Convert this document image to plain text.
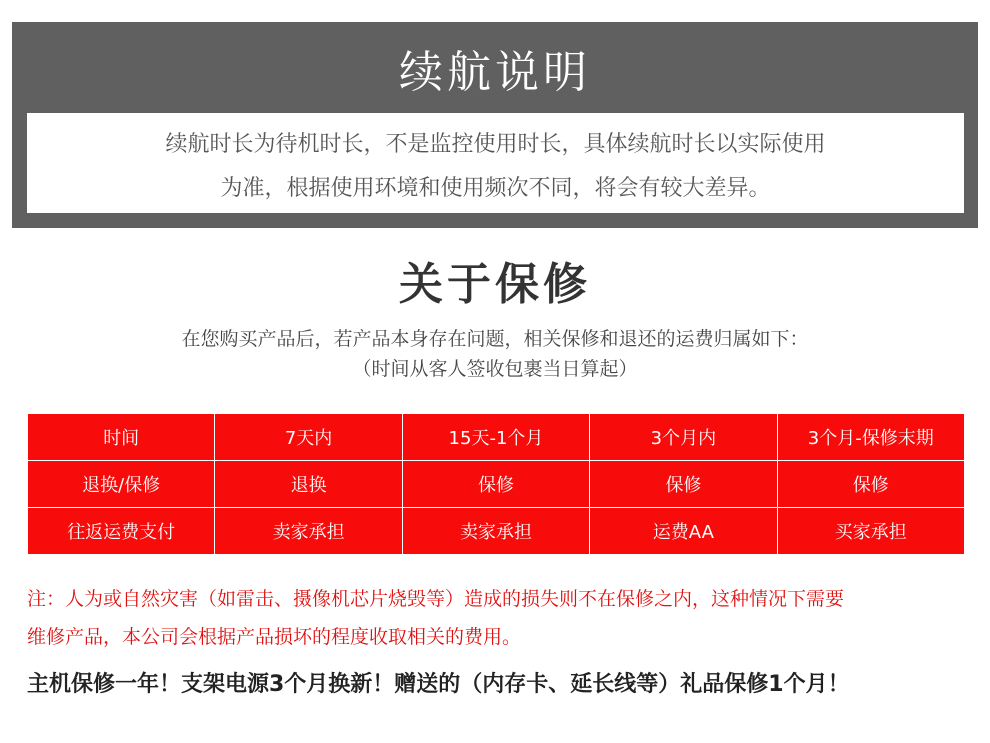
续航说明
续航时长为待机时长，不是监控使用时长，具体续航时长以实际使用
为准，根据使用环境和使用频次不同，将会有较大差异。
关于保修
在您购买产品后，若产品本身存在问题，相关保修和退还的运费归属如下：
（时间从客人签收包裹当日算起）
时间	7天内	15天-1个月	3个月内	3个月-保修末期
退换/保修	退换	保修	保修	保修
往返运费支付	卖家承担	卖家承担	运费AA	买家承担
注：人为或自然灾害（如雷击、摄像机芯片烧毁等）造成的损失则不在保修之内，这种情况下需要
维修产品，本公司会根据产品损坏的程度收取相关的费用。
主机保修一年！支架电源3个月换新！赠送的（内存卡、延长线等）礼品保修1个月！
